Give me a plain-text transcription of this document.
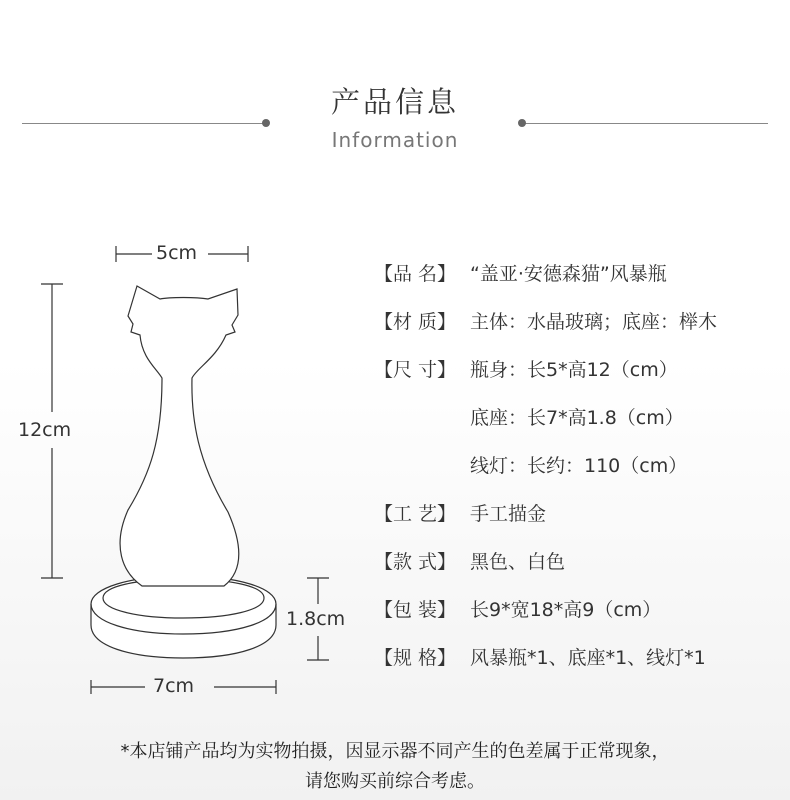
产品信息
Information
5cm
12cm
1.8cm
7cm
【品 名】 “盖亚·安德森猫”风暴瓶
【材 质】 主体：水晶玻璃；底座：榉木
【尺 寸】 瓶身：长5*高12（cm）
底座：长7*高1.8（cm）
线灯：长约：110（cm）
【工 艺】 手工描金
【款 式】 黑色、白色
【包 装】 长9*宽18*高9（cm）
【规 格】 风暴瓶*1、底座*1、线灯*1
*本店铺产品均为实物拍摄，因显示器不同产生的色差属于正常现象，
请您购买前综合考虑。
